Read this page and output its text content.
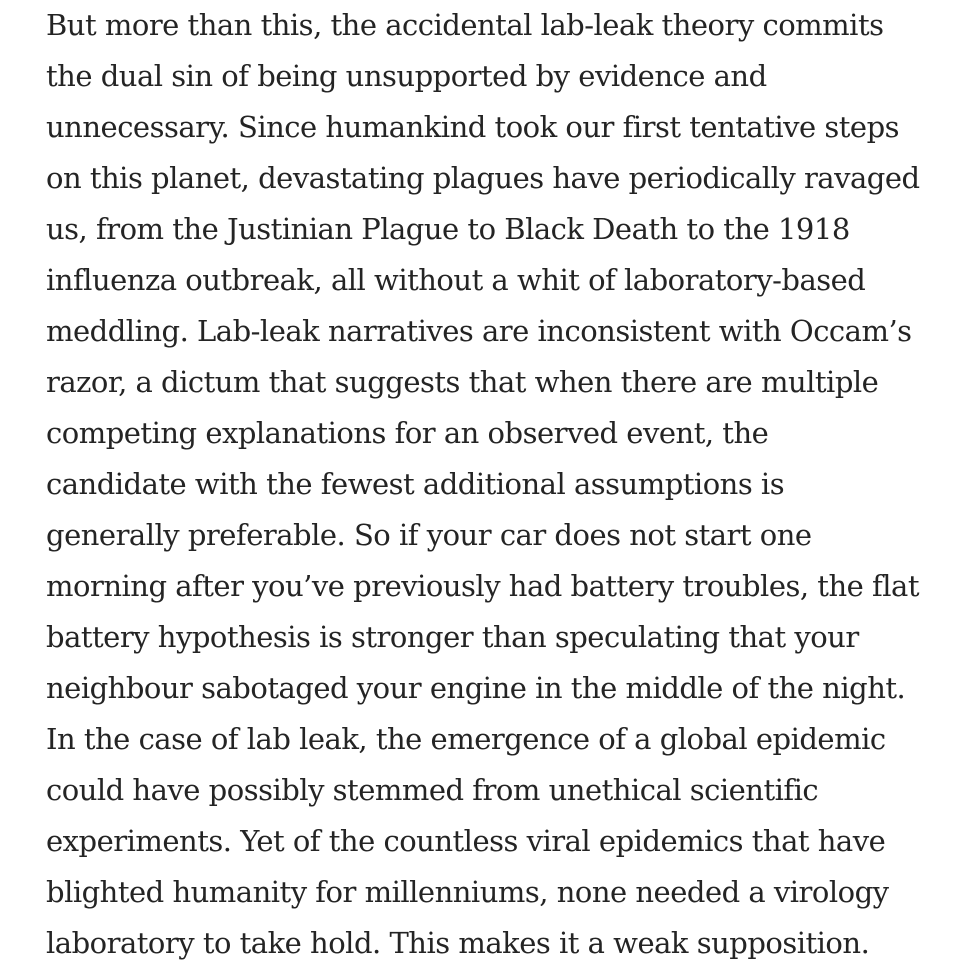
But more than this, the accidental lab-leak theory commits
the dual sin of being unsupported by evidence and
unnecessary. Since humankind took our first tentative steps
on this planet, devastating plagues have periodically ravaged
us, from the Justinian Plague to Black Death to the 1918
influenza outbreak, all without a whit of laboratory-based
meddling. Lab-leak narratives are inconsistent with Occam’s
razor, a dictum that suggests that when there are multiple
competing explanations for an observed event, the
candidate with the fewest additional assumptions is
generally preferable. So if your car does not start one
morning after you’ve previously had battery troubles, the flat
battery hypothesis is stronger than speculating that your
neighbour sabotaged your engine in the middle of the night.
In the case of lab leak, the emergence of a global epidemic
could have possibly stemmed from unethical scientific
experiments. Yet of the countless viral epidemics that have
blighted humanity for millenniums, none needed a virology
laboratory to take hold. This makes it a weak supposition.
